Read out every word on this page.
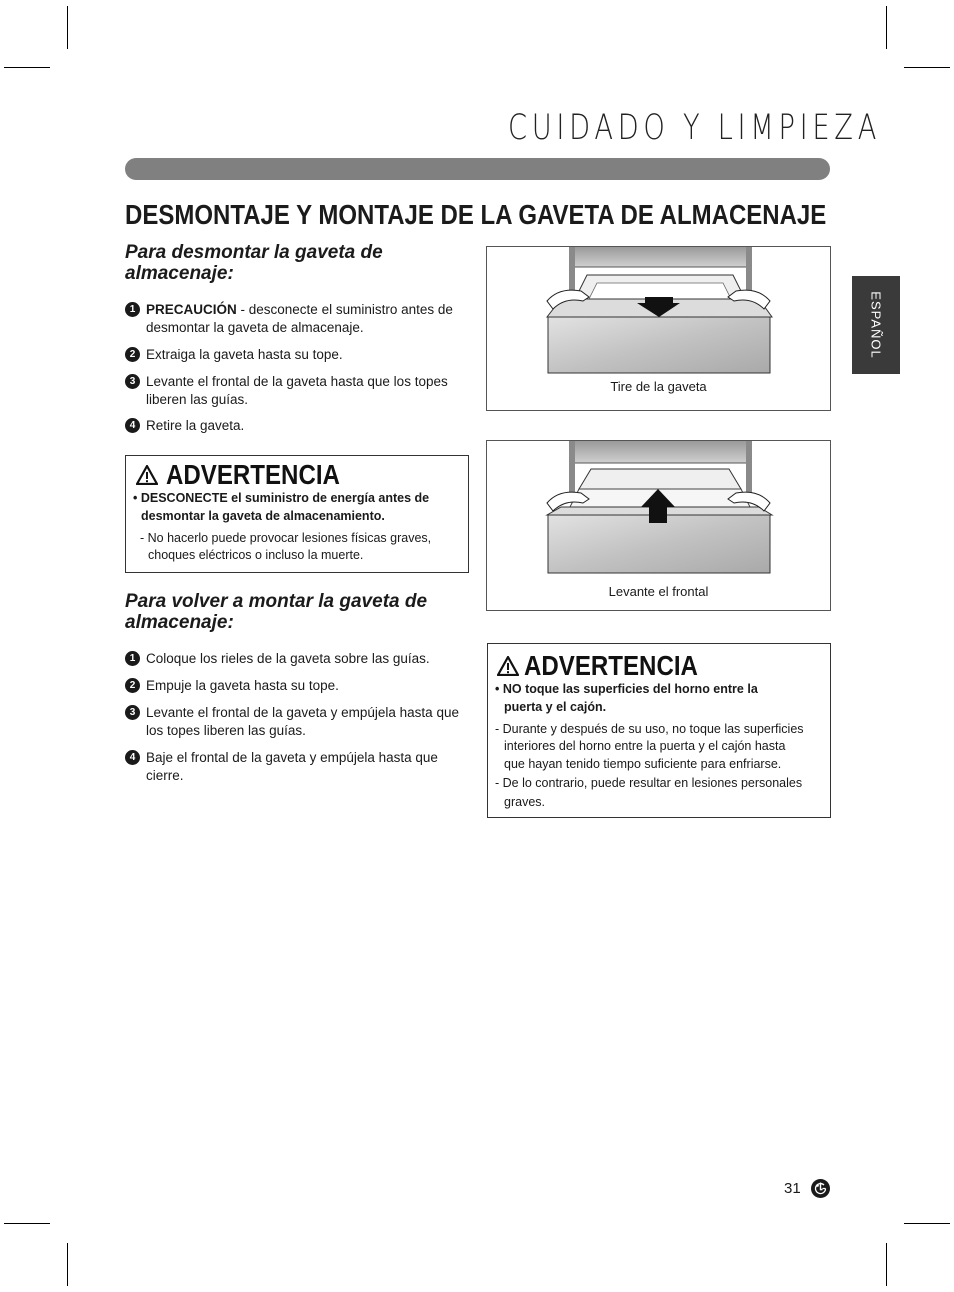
CUIDADO Y LIMPIEZA
DESMONTAJE Y MONTAJE DE LA GAVETA DE ALMACENAJE
ESPAÑOL
Para desmontar la gaveta de almacenaje:
1 PRECAUCIÓN - desconecte el suministro antes de desmontar la gaveta de almacenaje.
2 Extraiga la gaveta hasta su tope.
3 Levante el frontal de la gaveta hasta que los topes liberen las guías.
4 Retire la gaveta.
ADVERTENCIA
• DESCONECTE el suministro de energía antes de
desmontar la gaveta de almacenamiento.
- No hacerlo puede provocar lesiones físicas graves,
choques eléctricos o incluso la muerte.
Para volver a montar la gaveta de almacenaje:
1 Coloque los rieles de la gaveta sobre las guías.
2 Empuje la gaveta hasta su tope.
3 Levante el frontal de la gaveta y empújela hasta que los topes liberen las guías.
4 Baje el frontal de la gaveta y empújela hasta que cierre.
Tire de la gaveta
Levante el frontal
ADVERTENCIA
• NO toque las superficies del horno entre la
puerta y el cajón.
- Durante y después de su uso, no toque las superficies
interiores del horno entre la puerta y el cajón hasta
que hayan tenido tiempo suficiente para enfriarse.
- De lo contrario, puede resultar en lesiones personales
graves.
31
